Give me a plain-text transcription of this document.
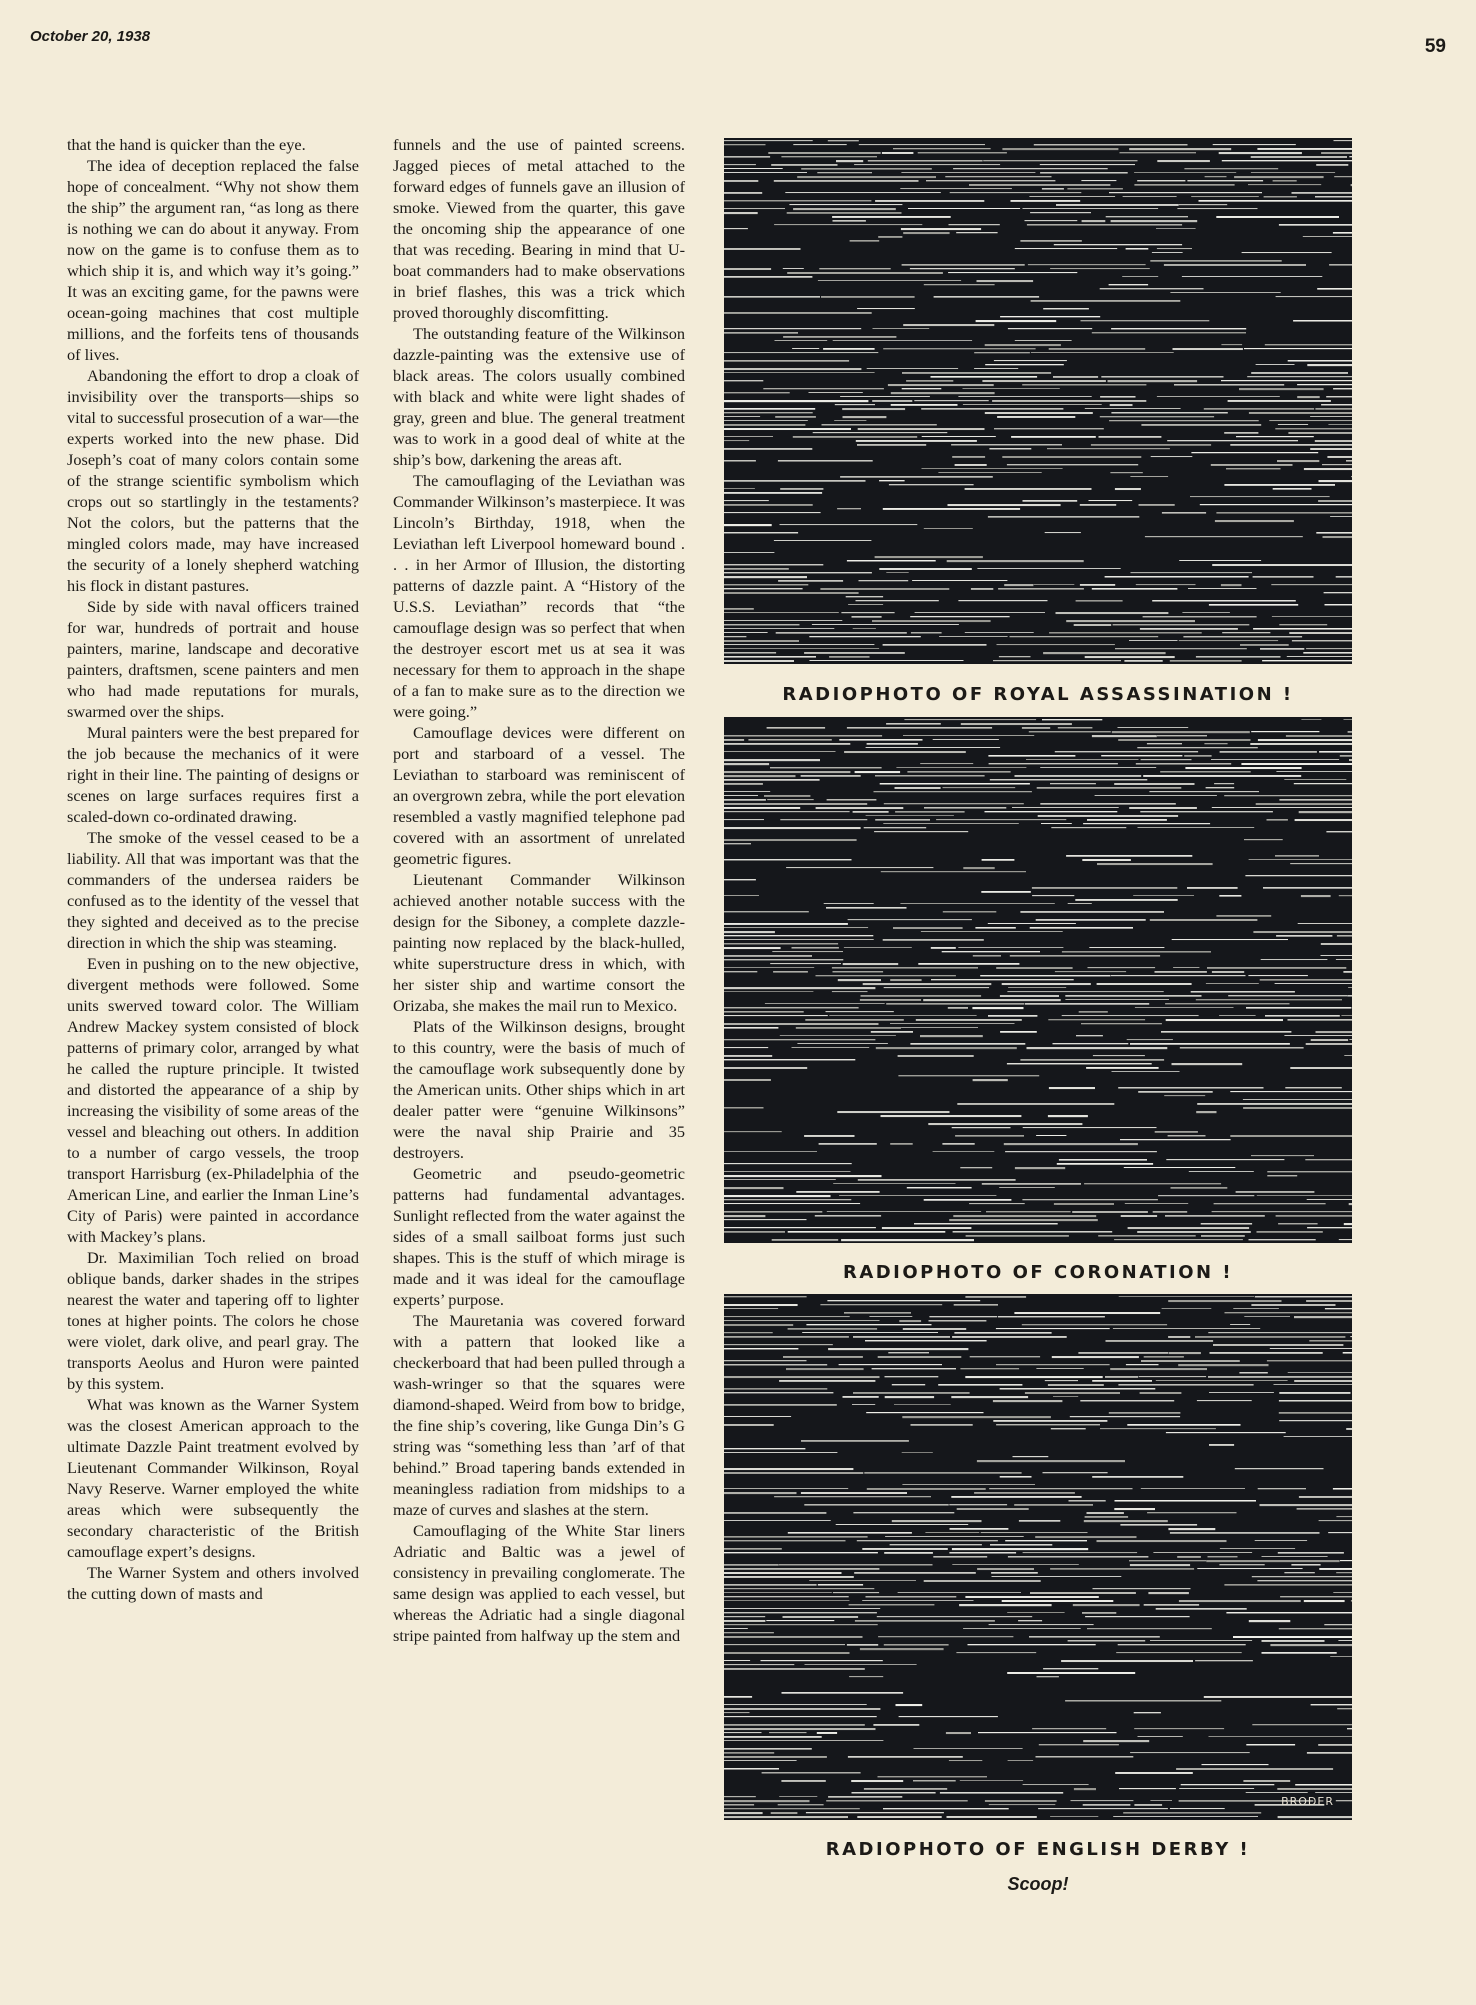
October 20, 1938	59

that the hand is quicker than the eye.

The idea of deception replaced the false hope of concealment. “Why not show them the ship” the argument ran, “as long as there is nothing we can do about it anyway. From now on the game is to confuse them as to which ship it is, and which way it’s going.” It was an exciting game, for the pawns were ocean-going machines that cost multiple millions, and the forfeits tens of thousands of lives.

Abandoning the effort to drop a cloak of invisibility over the transports—ships so vital to successful prosecution of a war—the experts worked into the new phase. Did Joseph’s coat of many colors contain some of the strange scientific symbolism which crops out so startlingly in the testaments? Not the colors, but the patterns that the mingled colors made, may have increased the security of a lonely shepherd watching his flock in distant pastures.

Side by side with naval officers trained for war, hundreds of portrait and house painters, marine, landscape and decorative painters, draftsmen, scene painters and men who had made reputations for murals, swarmed over the ships.

Mural painters were the best prepared for the job because the mechanics of it were right in their line. The painting of designs or scenes on large surfaces requires first a scaled-down co-ordinated drawing.

The smoke of the vessel ceased to be a liability. All that was important was that the commanders of the undersea raiders be confused as to the identity of the vessel that they sighted and deceived as to the precise direction in which the ship was steaming.

Even in pushing on to the new objective, divergent methods were followed. Some units swerved toward color. The William Andrew Mackey system consisted of block patterns of primary color, arranged by what he called the rupture principle. It twisted and distorted the appearance of a ship by increasing the visibility of some areas of the vessel and bleaching out others. In addition to a number of cargo vessels, the troop transport Harrisburg (ex-Philadelphia of the American Line, and earlier the Inman Line’s City of Paris) were painted in accordance with Mackey’s plans.

Dr. Maximilian Toch relied on broad oblique bands, darker shades in the stripes nearest the water and tapering off to lighter tones at higher points. The colors he chose were violet, dark olive, and pearl gray. The transports Aeolus and Huron were painted by this system.

What was known as the Warner System was the closest American approach to the ultimate Dazzle Paint treatment evolved by Lieutenant Commander Wilkinson, Royal Navy Reserve. Warner employed the white areas which were subsequently the secondary characteristic of the British camouflage expert’s designs.

The Warner System and others involved the cutting down of masts and

funnels and the use of painted screens. Jagged pieces of metal attached to the forward edges of funnels gave an illusion of smoke. Viewed from the quarter, this gave the oncoming ship the appearance of one that was receding. Bearing in mind that U-boat commanders had to make observations in brief flashes, this was a trick which proved thoroughly discomfitting.

The outstanding feature of the Wilkinson dazzle-painting was the extensive use of black areas. The colors usually combined with black and white were light shades of gray, green and blue. The general treatment was to work in a good deal of white at the ship’s bow, darkening the areas aft.

The camouflaging of the Leviathan was Commander Wilkinson’s masterpiece. It was Lincoln’s Birthday, 1918, when the Leviathan left Liverpool homeward bound . . . in her Armor of Illusion, the distorting patterns of dazzle paint. A “History of the U.S.S. Leviathan” records that “the camouflage design was so perfect that when the destroyer escort met us at sea it was necessary for them to approach in the shape of a fan to make sure as to the direction we were going.”

Camouflage devices were different on port and starboard of a vessel. The Leviathan to starboard was reminiscent of an overgrown zebra, while the port elevation resembled a vastly magnified telephone pad covered with an assortment of unrelated geometric figures.

Lieutenant Commander Wilkinson achieved another notable success with the design for the Siboney, a complete dazzle-painting now replaced by the black-hulled, white superstructure dress in which, with her sister ship and wartime consort the Orizaba, she makes the mail run to Mexico.

Plats of the Wilkinson designs, brought to this country, were the basis of much of the camouflage work subsequently done by the American units. Other ships which in art dealer patter were “genuine Wilkinsons” were the naval ship Prairie and 35 destroyers.

Geometric and pseudo-geometric patterns had fundamental advantages. Sunlight reflected from the water against the sides of a small sailboat forms just such shapes. This is the stuff of which mirage is made and it was ideal for the camouflage experts’ purpose.

The Mauretania was covered forward with a pattern that looked like a checkerboard that had been pulled through a wash-wringer so that the squares were diamond-shaped. Weird from bow to bridge, the fine ship’s covering, like Gunga Din’s G string was “something less than ’arf of that behind.” Broad tapering bands extended in meaningless radiation from midships to a maze of curves and slashes at the stern.

Camouflaging of the White Star liners Adriatic and Baltic was a jewel of consistency in prevailing conglomerate. The same design was applied to each vessel, but whereas the Adriatic had a single diagonal stripe painted from halfway up the stem and

RADIOPHOTO OF ROYAL ASSASSINATION !
RADIOPHOTO OF CORONATION !
BRODER
RADIOPHOTO OF ENGLISH DERBY !
Scoop!
